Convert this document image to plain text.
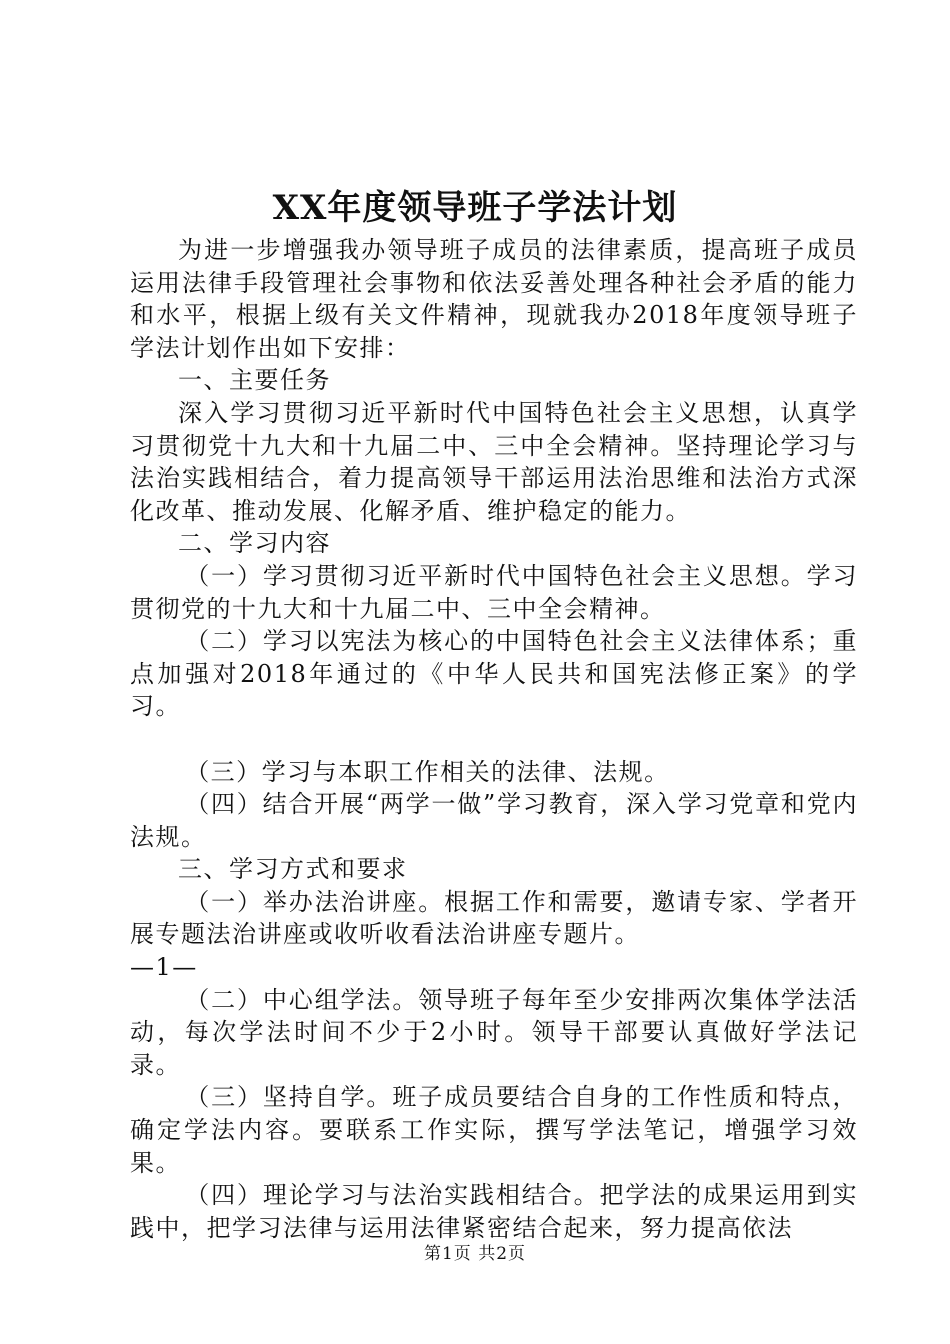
XX年度领导班子学法计划

为进一步增强我办领导班子成员的法律素质，提高班子成员运用法律手段管理社会事物和依法妥善处理各种社会矛盾的能力和水平，根据上级有关文件精神，现就我办2018年度领导班子学法计划作出如下安排：

一、主要任务

深入学习贯彻习近平新时代中国特色社会主义思想，认真学习贯彻党十九大和十九届二中、三中全会精神。坚持理论学习与法治实践相结合，着力提高领导干部运用法治思维和法治方式深化改革、推动发展、化解矛盾、维护稳定的能力。

二、学习内容

（一）学习贯彻习近平新时代中国特色社会主义思想。学习贯彻党的十九大和十九届二中、三中全会精神。

（二）学习以宪法为核心的中国特色社会主义法律体系；重点加强对2018年通过的《中华人民共和国宪法修正案》的学习。

（三）学习与本职工作相关的法律、法规。

（四）结合开展“两学一做”学习教育，深入学习党章和党内法规。

三、学习方式和要求

（一）举办法治讲座。根据工作和需要，邀请专家、学者开展专题法治讲座或收听收看法治讲座专题片。

—1—

（二）中心组学法。领导班子每年至少安排两次集体学法活动，每次学法时间不少于2小时。领导干部要认真做好学法记录。

（三）坚持自学。班子成员要结合自身的工作性质和特点，确定学法内容。要联系工作实际，撰写学法笔记，增强学习效果。

（四）理论学习与法治实践相结合。把学法的成果运用到实践中，把学习法律与运用法律紧密结合起来，努力提高依法

第1页 共2页
